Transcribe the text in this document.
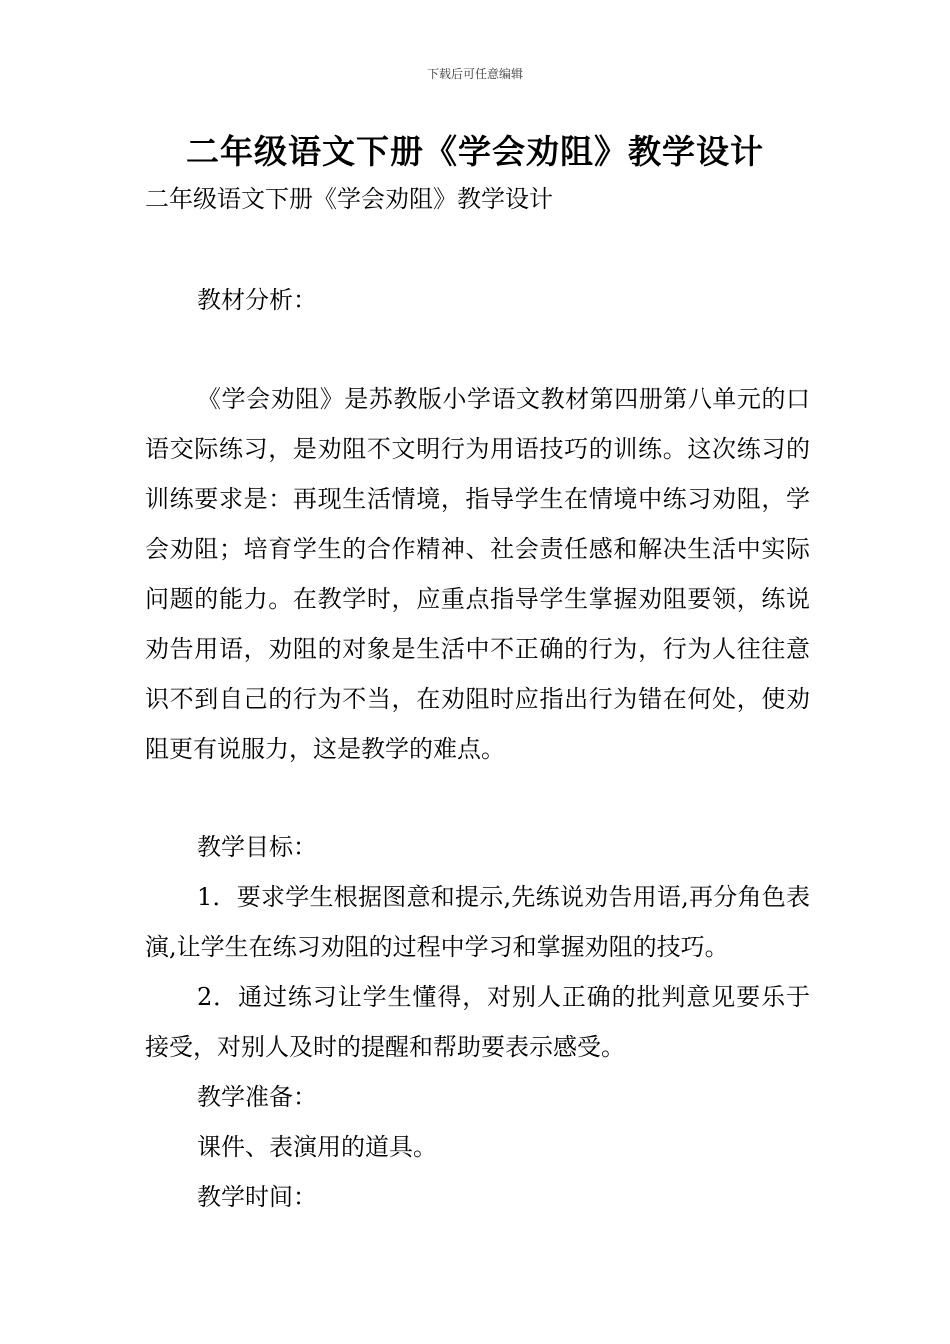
下载后可任意编辑
二年级语文下册《学会劝阻》教学设计
二年级语文下册《学会劝阻》教学设计
教材分析：
《学会劝阻》是苏教版小学语文教材第四册第八单元的口语交际练习，是劝阻不文明行为用语技巧的训练。这次练习的训练要求是：再现生活情境，指导学生在情境中练习劝阻，学会劝阻；培育学生的合作精神、社会责任感和解决生活中实际问题的能力。在教学时，应重点指导学生掌握劝阻要领，练说劝告用语，劝阻的对象是生活中不正确的行为，行为人往往意识不到自己的行为不当，在劝阻时应指出行为错在何处，使劝阻更有说服力，这是教学的难点。
教学目标：
1．要求学生根据图意和提示,先练说劝告用语,再分角色表演,让学生在练习劝阻的过程中学习和掌握劝阻的技巧。
2．通过练习让学生懂得，对别人正确的批判意见要乐于接受，对别人及时的提醒和帮助要表示感受。
教学准备：
课件、表演用的道具。
教学时间：
